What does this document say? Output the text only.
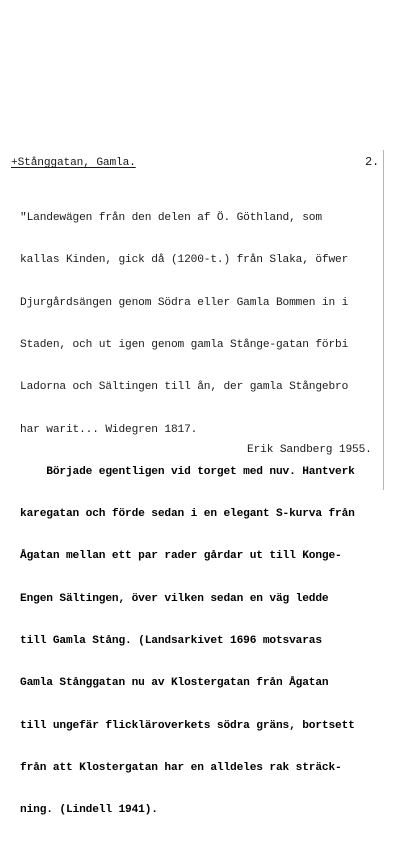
+Stånggatan, Gamla.	2.

"Landewägen från den delen af Ö. Göthland, som

kallas Kinden, gick då (1200-t.) från Slaka, öfwer

Djurgårdsängen genom Södra eller Gamla Bommen in i

Staden, och ut igen genom gamla Stånge-gatan förbi

Ladorna och Sältingen till ån, der gamla Stångebro

har warit... Widegren 1817.

Började egentligen vid torget med nuv. Hantverk

karegatan och förde sedan i en elegant S-kurva från

Ågatan mellan ett par rader gårdar ut till Konge-

Engen Sältingen, över vilken sedan en väg ledde

till Gamla Stång. (Landsarkivet 1696 motsvaras

Gamla Stånggatan nu av Klostergatan från Ågatan

till ungefär flickläroverkets södra gräns, bortsett

från att Klostergatan har en alldeles rak sträck-

ning. (Lindell 1941).

Erik Sandberg 1955.
